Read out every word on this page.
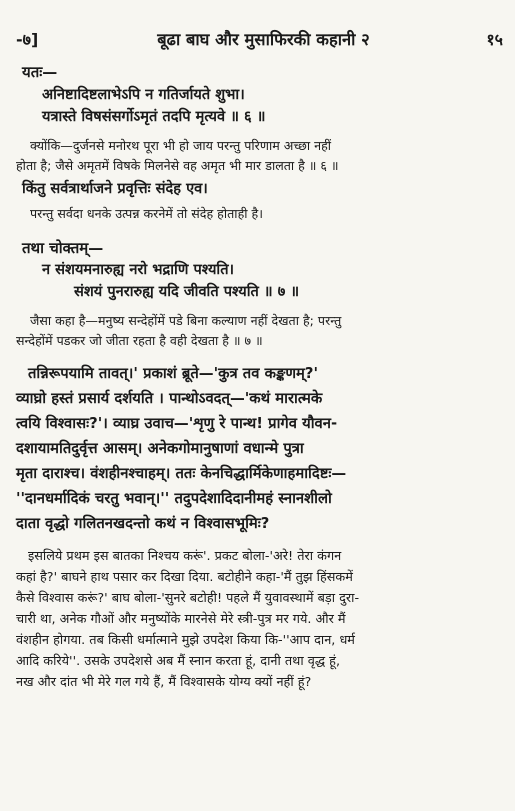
-७]	बूढा बाघ और मुसाफिरकी कहानी २	१५
यतः—
अनिष्टादिष्टलाभेऽपि न गतिर्जायते शुभा।
यत्रास्ते विषसंसर्गोऽमृतं तदपि मृत्यवे ॥ ६ ॥

क्योंकि—दुर्जनसे मनोरथ पूरा भी हो जाय परन्तु परिणाम अच्छा नहीं

होता है; जैसे अमृतमें विषके मिलनेसे वह अमृत भी मार डालता है ॥ ६ ॥

किंतु सर्वत्रार्थाजने प्रवृत्तिः संदेह एव।

परन्तु सर्वदा धनके उत्पन्न करनेमें तो संदेह होताही है।

तथा चोक्तम्—
न संशयमनारुह्य नरो भद्राणि पश्यति।
संशयं पुनरारुह्य यदि जीवति पश्यति ॥ ७ ॥

जैसा कहा है—मनुष्य सन्देहोंमें पडे बिना कल्याण नहीं देखता है; परन्तु

सन्देहोंमें पडकर जो जीता रहता है वही देखता है ॥ ७ ॥

तन्निरूपयामि तावत्।' प्रकाशं ब्रूते—'कुत्र तव कङ्कणम्?'
व्याघ्रो हस्तं प्रसार्य दर्शयति । पान्थोऽवदत्—'कथं मारात्मके
त्वयि विश्वासः?'। व्याघ्र उवाच—'शृणु रे पान्थ! प्रागेव यौवन-
दशायामतिदुर्वृत्त आसम्। अनेकगोमानुषाणां वधान्मे पुत्रा
मृता दाराश्च। वंशहीनश्चाहम्। ततः केनचिद्धार्मिकेणाहमादिष्टः—
''दानधर्मादिकं चरतु भवान्।'' तदुपदेशादिदानीमहं स्नानशीलो
दाता वृद्धो गलितनखदन्तो कथं न विश्वासभूमिः?
इसलिये प्रथम इस बातका निश्चय करूं'. प्रकट बोला-'अरे! तेरा कंगन
कहां है?' बाघने हाथ पसार कर दिखा दिया. बटोहीने कहा-'मैं तुझ हिंसकमें
कैसे विश्वास करूं?' बाघ बोला-'सुनरे बटोही! पहले मैं युवावस्थामें बड़ा दुरा-
चारी था, अनेक गौओं और मनुष्योंके मारनेसे मेरे स्त्री-पुत्र मर गये. और मैं
वंशहीन होगया. तब किसी धर्मात्माने मुझे उपदेश किया कि-''आप दान, धर्म
आदि करिये''. उसके उपदेशसे अब मैं स्नान करता हूं, दानी तथा वृद्ध हूं,
नख और दांत भी मेरे गल गये हैं, मैं विश्वासके योग्य क्यों नहीं हूं?
